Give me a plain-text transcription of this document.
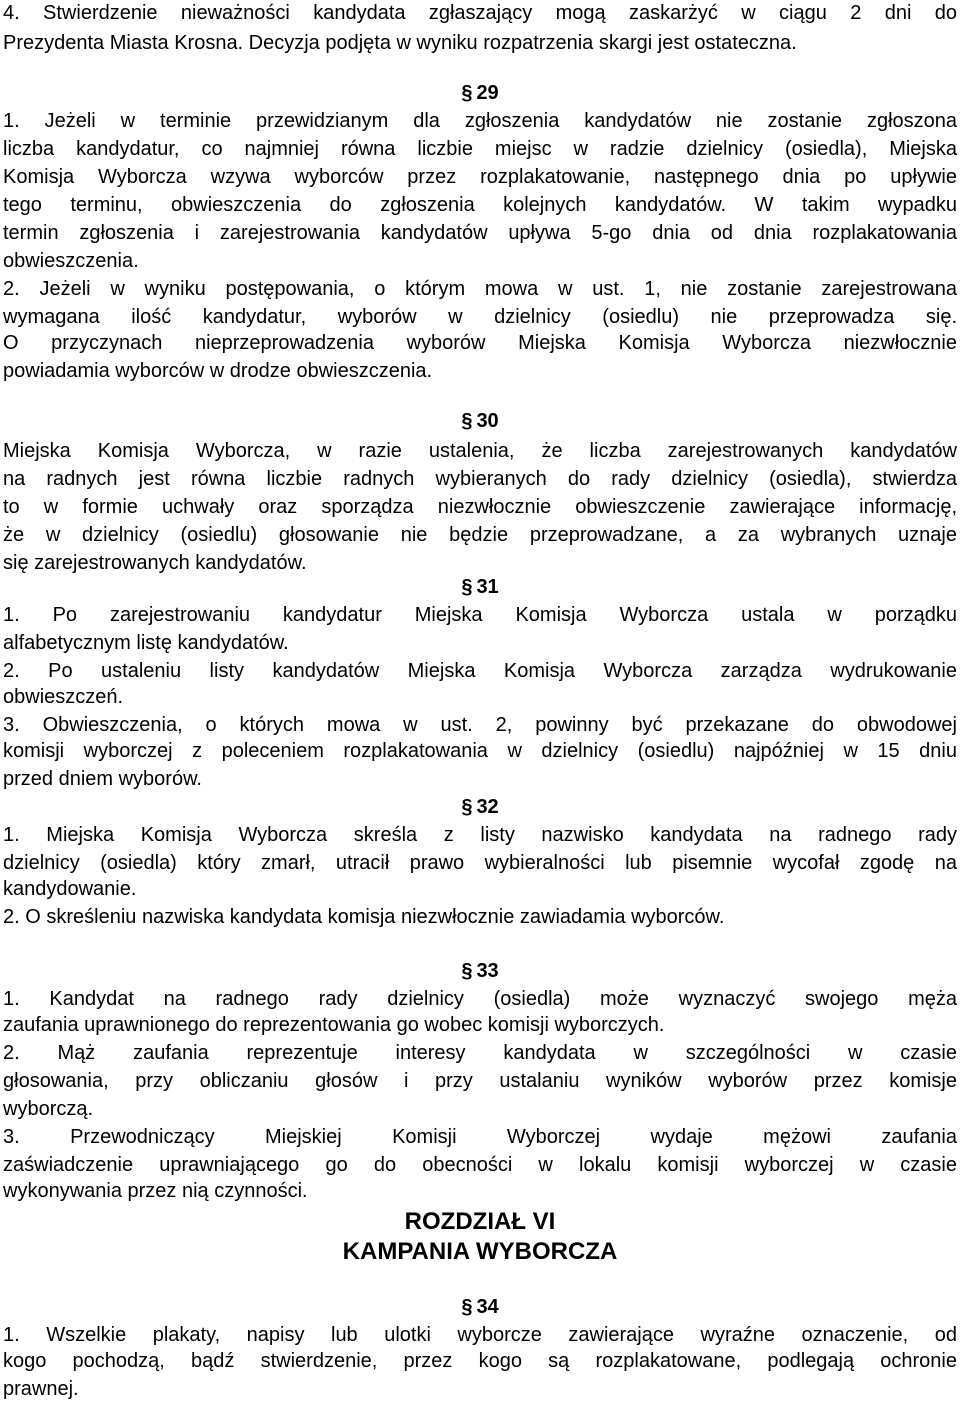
4. Stwierdzenie nieważności kandydata zgłaszający mogą zaskarżyć w ciągu 2 dni do
Prezydenta Miasta Krosna. Decyzja podjęta w wyniku rozpatrzenia skargi jest ostateczna.
§ 29
1. Jeżeli w terminie przewidzianym dla zgłoszenia kandydatów nie zostanie zgłoszona
liczba kandydatur, co najmniej równa liczbie miejsc w radzie dzielnicy (osiedla), Miejska
Komisja Wyborcza wzywa wyborców przez rozplakatowanie, następnego dnia po upływie
tego terminu, obwieszczenia do zgłoszenia kolejnych kandydatów. W takim wypadku
termin zgłoszenia i zarejestrowania kandydatów upływa 5-go dnia od dnia rozplakatowania
obwieszczenia.
2. Jeżeli w wyniku postępowania, o którym mowa w ust. 1, nie zostanie zarejestrowana
wymagana ilość kandydatur, wyborów w dzielnicy (osiedlu) nie przeprowadza się.
O przyczynach nieprzeprowadzenia wyborów Miejska Komisja Wyborcza niezwłocznie
powiadamia wyborców w drodze obwieszczenia.
§ 30
Miejska Komisja Wyborcza, w razie ustalenia, że liczba zarejestrowanych kandydatów
na radnych jest równa liczbie radnych wybieranych do rady dzielnicy (osiedla), stwierdza
to w formie uchwały oraz sporządza niezwłocznie obwieszczenie zawierające informację,
że w dzielnicy (osiedlu) głosowanie nie będzie przeprowadzane, a za wybranych uznaje
się zarejestrowanych kandydatów.
§ 31
1. Po zarejestrowaniu kandydatur Miejska Komisja Wyborcza ustala w porządku
alfabetycznym listę kandydatów.
2. Po ustaleniu listy kandydatów Miejska Komisja Wyborcza zarządza wydrukowanie
obwieszczeń.
3. Obwieszczenia, o których mowa w ust. 2, powinny być przekazane do obwodowej
komisji wyborczej z poleceniem rozplakatowania w dzielnicy (osiedlu) najpóźniej w 15 dniu
przed dniem wyborów.
§ 32
1. Miejska Komisja Wyborcza skreśla z listy nazwisko kandydata na radnego rady
dzielnicy (osiedla) który zmarł, utracił prawo wybieralności lub pisemnie wycofał zgodę na
kandydowanie.
2. O skreśleniu nazwiska kandydata komisja niezwłocznie zawiadamia wyborców.
§ 33
1. Kandydat na radnego rady dzielnicy (osiedla) może wyznaczyć swojego męża
zaufania uprawnionego do reprezentowania go wobec komisji wyborczych.
2. Mąż zaufania reprezentuje interesy kandydata w szczególności w czasie
głosowania, przy obliczaniu głosów i przy ustalaniu wyników wyborów przez komisje
wyborczą.
3. Przewodniczący Miejskiej Komisji Wyborczej wydaje mężowi zaufania
zaświadczenie uprawniającego go do obecności w lokalu komisji wyborczej w czasie
wykonywania przez nią czynności.
ROZDZIAŁ VI
KAMPANIA WYBORCZA
§ 34
1. Wszelkie plakaty, napisy lub ulotki wyborcze zawierające wyraźne oznaczenie, od
kogo pochodzą, bądź stwierdzenie, przez kogo są rozplakatowane, podlegają ochronie
prawnej.
